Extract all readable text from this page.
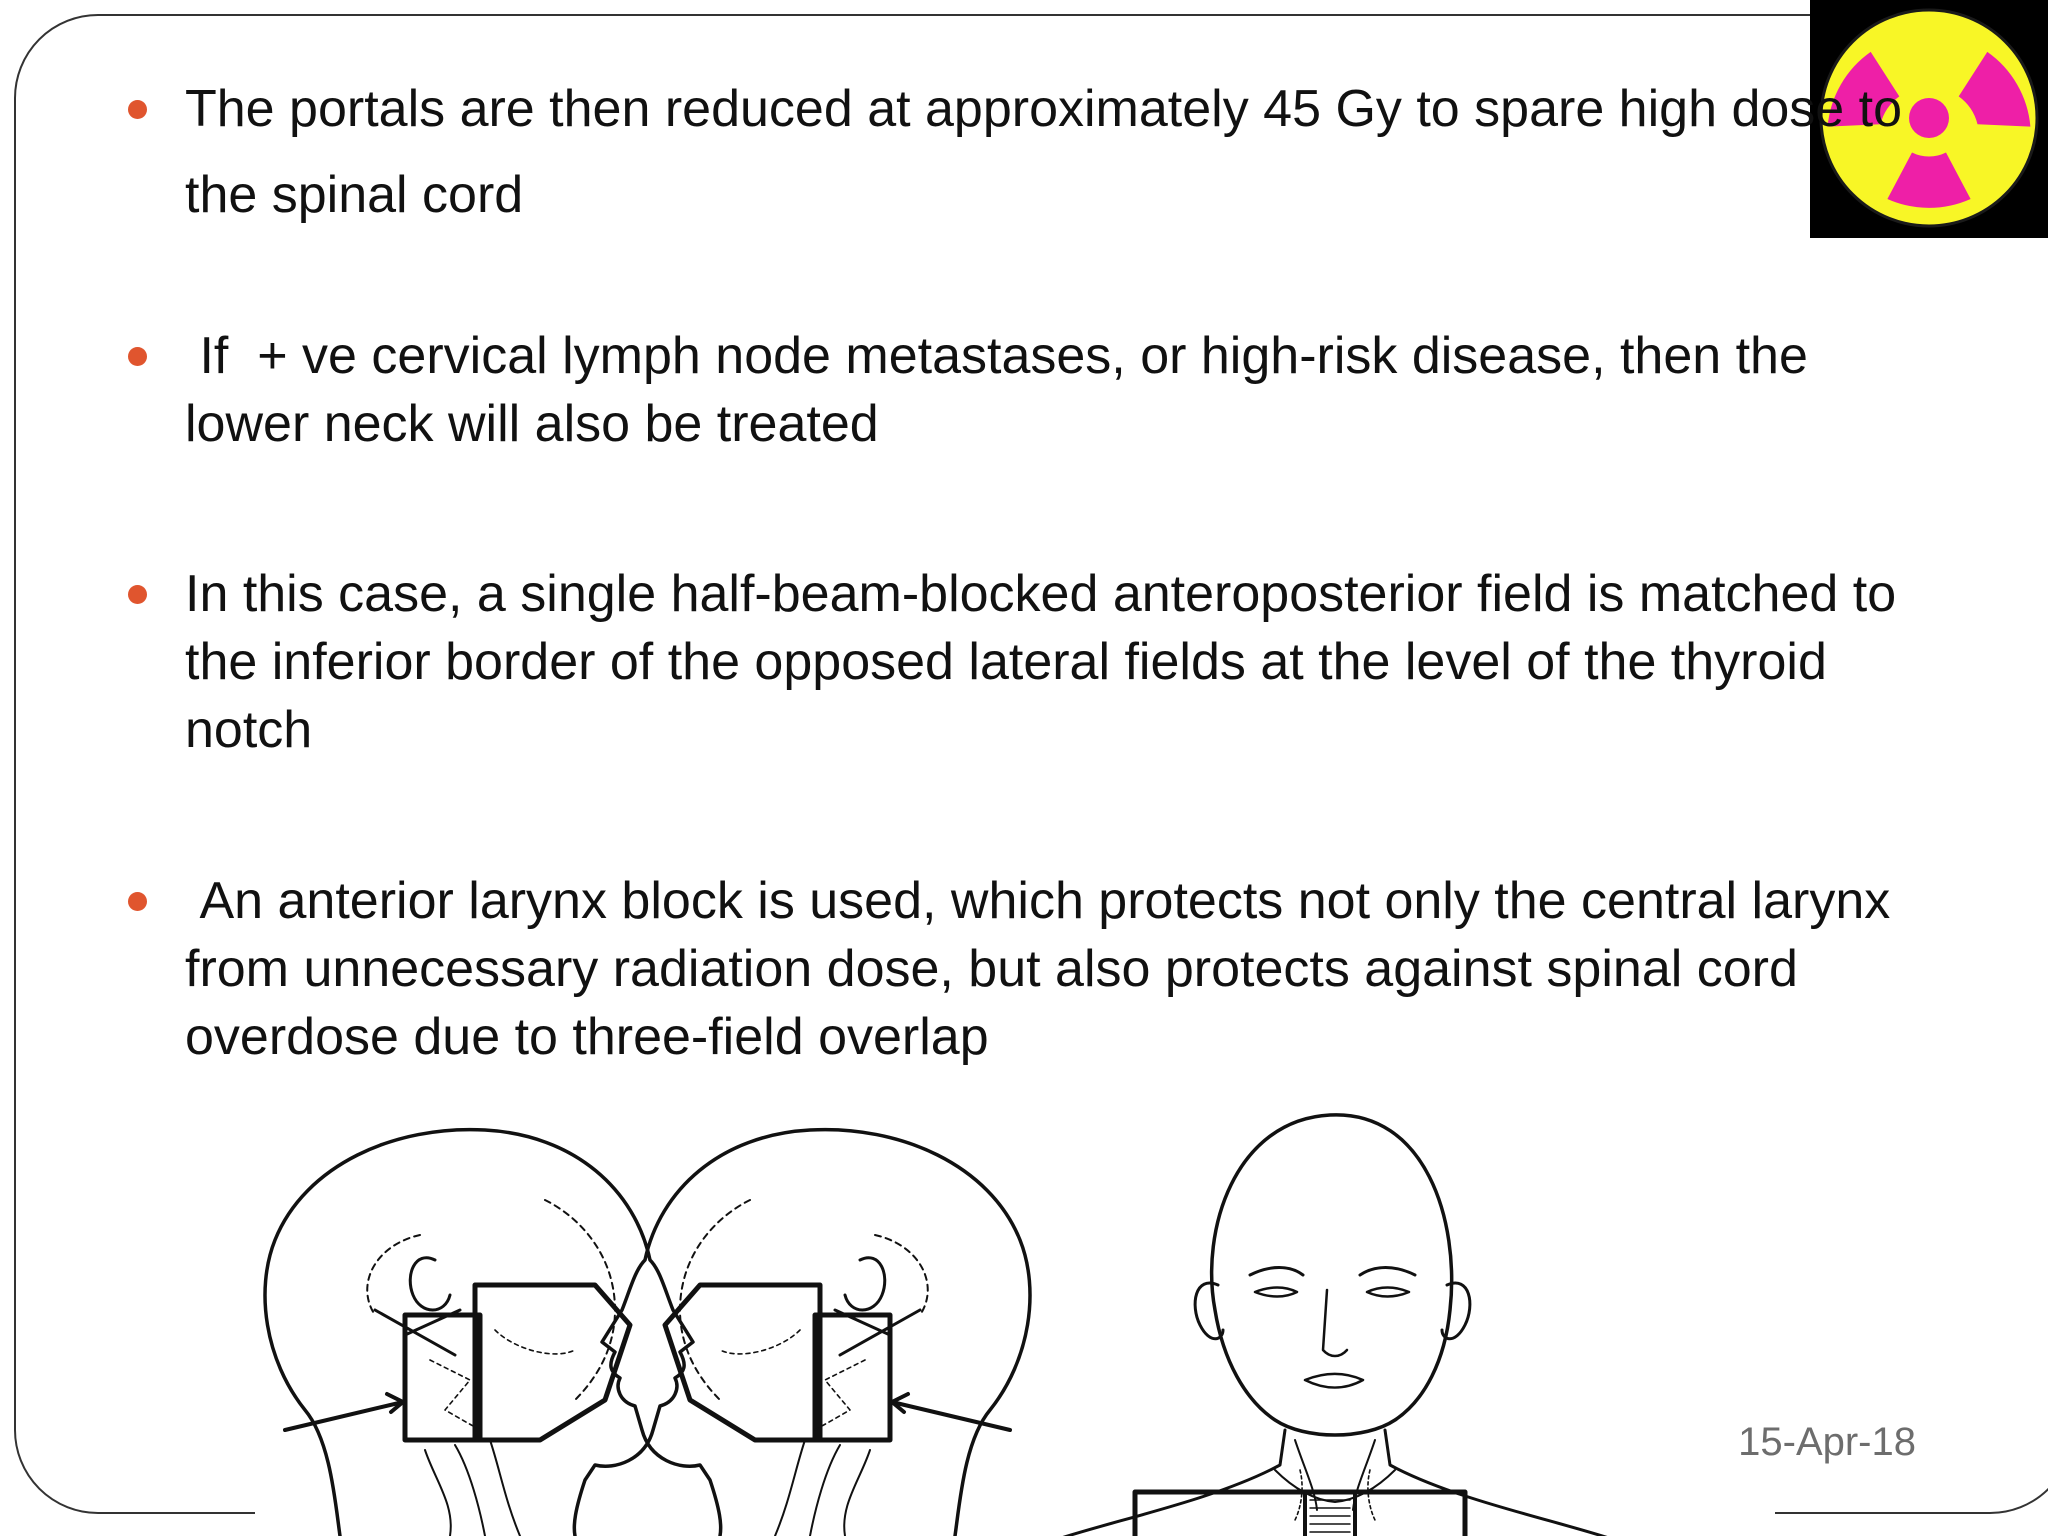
The portals are then reduced at approximately 45 Gy to spare high dose to the spinal cord
If  + ve cervical lymph node metastases, or high-risk disease, then the lower neck will also be treated
In this case, a single half-beam-blocked anteroposterior field is matched to the inferior border of the opposed lateral fields at the level of the thyroid notch
An anterior larynx block is used, which protects not only the central larynx from unnecessary radiation dose, but also protects against spinal cord overdose due to three-field overlap
15-Apr-18
